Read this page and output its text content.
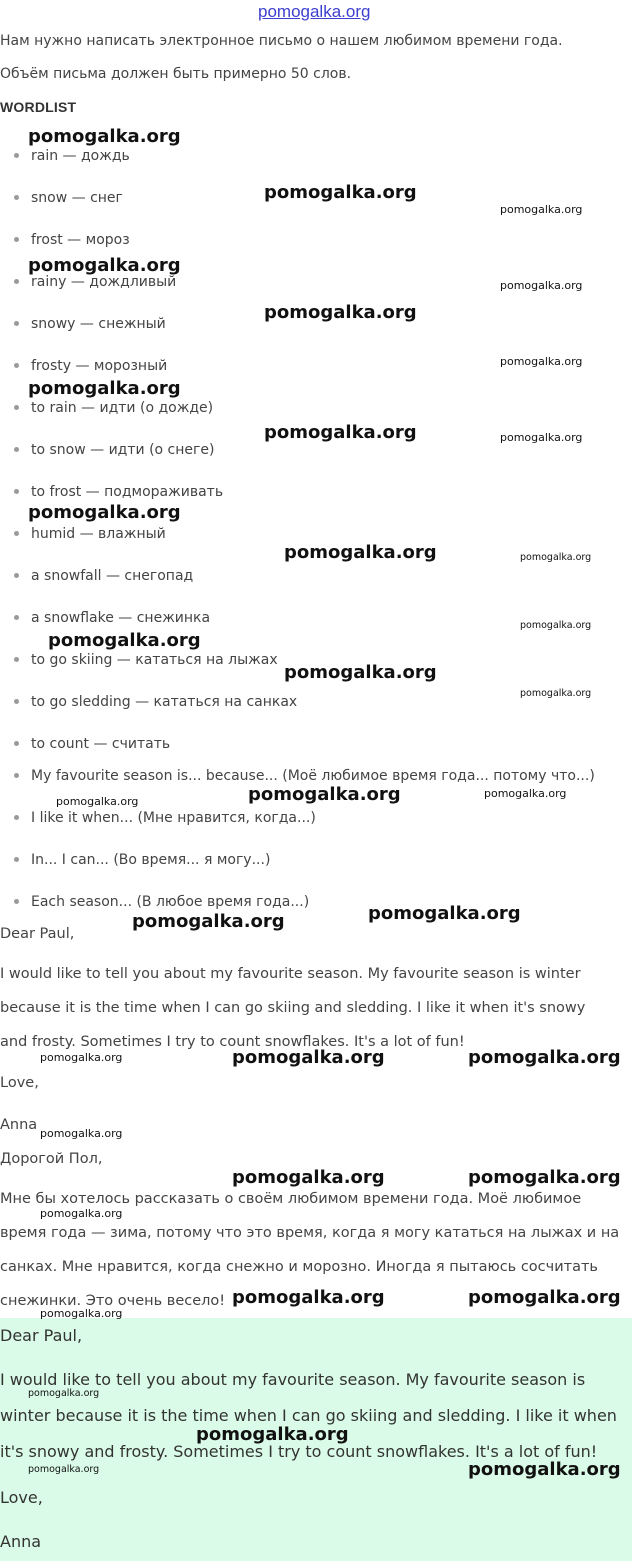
pomogalka.org
Нам нужно написать электронное письмо о нашем любимом времени года.
Объём письма должен быть примерно 50 слов.
WORDLIST
rain — дождь
snow — снег
frost — мороз
rainy — дождливый
snowy — снежный
frosty — морозный
to rain — идти (о дожде)
to snow — идти (о снеге)
to frost — подмораживать
humid — влажный
a snowfall — снегопад
a snowflake — снежинка
to go skiing — кататься на лыжах
to go sledding — кататься на санках
to count — считать
My favourite season is... because... (Моё любимое время года... потому что...)
I like it when... (Мне нравится, когда...)
In... I can... (Во время... я могу...)
Each season... (В любое время года...)
Dear Paul,
I would like to tell you about my favourite season. My favourite season is winter
because it is the time when I can go skiing and sledding. I like it when it's snowy
and frosty. Sometimes I try to count snowflakes. It's a lot of fun!
Love,
Anna
Дорогой Пол,
Мне бы хотелось рассказать о своём любимом времени года. Моё любимое
время года — зима, потому что это время, когда я могу кататься на лыжах и на
санках. Мне нравится, когда снежно и морозно. Иногда я пытаюсь сосчитать
снежинки. Это очень весело!
Dear Paul,
I would like to tell you about my favourite season. My favourite season is
winter because it is the time when I can go skiing and sledding. I like it when
it's snowy and frosty. Sometimes I try to count snowflakes. It's a lot of fun!
Love,
Anna
pomogalka.org
pomogalka.org
pomogalka.org
pomogalka.org
pomogalka.org
pomogalka.org
pomogalka.org
pomogalka.org
pomogalka.org	pomogalka.org
pomogalka.org
pomogalka.org	pomogalka.org
pomogalka.org
pomogalka.org
pomogalka.org
pomogalka.org
pomogalka.org	pomogalka.org
pomogalka.org
pomogalka.org
pomogalka.org
pomogalka.org	pomogalka.org
pomogalka.org
pomogalka.org
pomogalka.org	pomogalka.org
pomogalka.org
pomogalka.org	pomogalka.org
pomogalka.org
pomogalka.org
pomogalka.org	pomogalka.org
pomogalka.org
